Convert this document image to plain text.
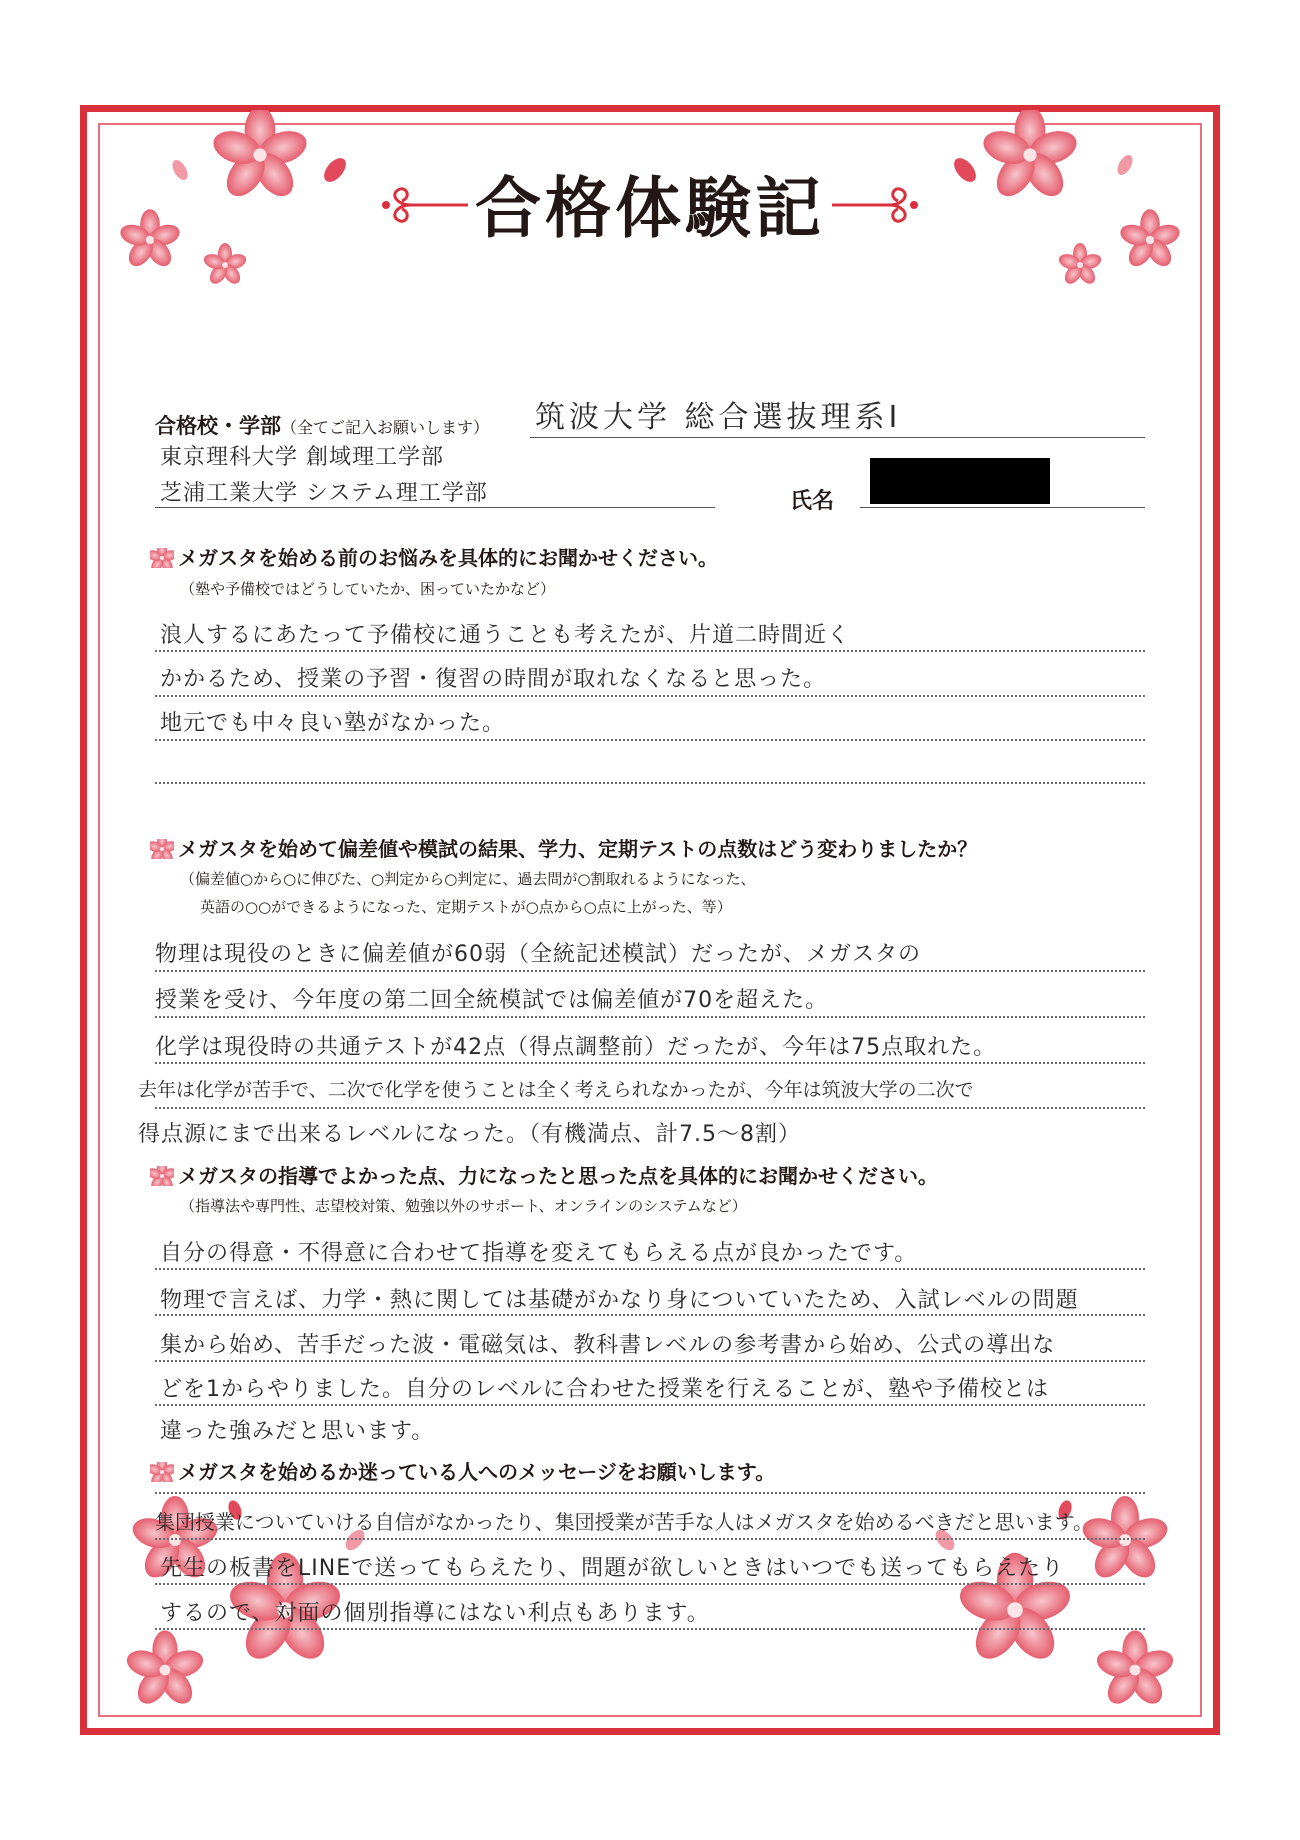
合格体験記
合格校・学部（全てご記入お願いします） 筑波大学 総合選抜理系Ⅰ
東京理科大学 創域理工学部
芝浦工業大学 システム理工学部	氏名
メガスタを始める前のお悩みを具体的にお聞かせください。
（塾や予備校ではどうしていたか、困っていたかなど）
浪人するにあたって予備校に通うことも考えたが、片道二時間近く
かかるため、授業の予習・復習の時間が取れなくなると思った。
地元でも中々良い塾がなかった。
メガスタを始めて偏差値や模試の結果、学力、定期テストの点数はどう変わりましたか？
（偏差値○から○に伸びた、○判定から○判定に、過去問が○割取れるようになった、
英語の○○ができるようになった、定期テストが○点から○点に上がった、等）
物理は現役のときに偏差値が60弱（全統記述模試）だったが、メガスタの
授業を受け、今年度の第二回全統模試では偏差値が70を超えた。
化学は現役時の共通テストが42点（得点調整前）だったが、今年は75点取れた。
去年は化学が苦手で、二次で化学を使うことは全く考えられなかったが、今年は筑波大学の二次で
得点源にまで出来るレベルになった。（有機満点、計7.5〜8割）
メガスタの指導でよかった点、力になったと思った点を具体的にお聞かせください。
（指導法や専門性、志望校対策、勉強以外のサポート、オンラインのシステムなど）
自分の得意・不得意に合わせて指導を変えてもらえる点が良かったです。
物理で言えば、力学・熱に関しては基礎がかなり身についていたため、入試レベルの問題
集から始め、苦手だった波・電磁気は、教科書レベルの参考書から始め、公式の導出な
どを1からやりました。自分のレベルに合わせた授業を行えることが、塾や予備校とは
違った強みだと思います。
メガスタを始めるか迷っている人へのメッセージをお願いします。
集団授業についていける自信がなかったり、集団授業が苦手な人はメガスタを始めるべきだと思います。
先生の板書をLINEで送ってもらえたり、問題が欲しいときはいつでも送ってもらえたり
するので、対面の個別指導にはない利点もあります。
